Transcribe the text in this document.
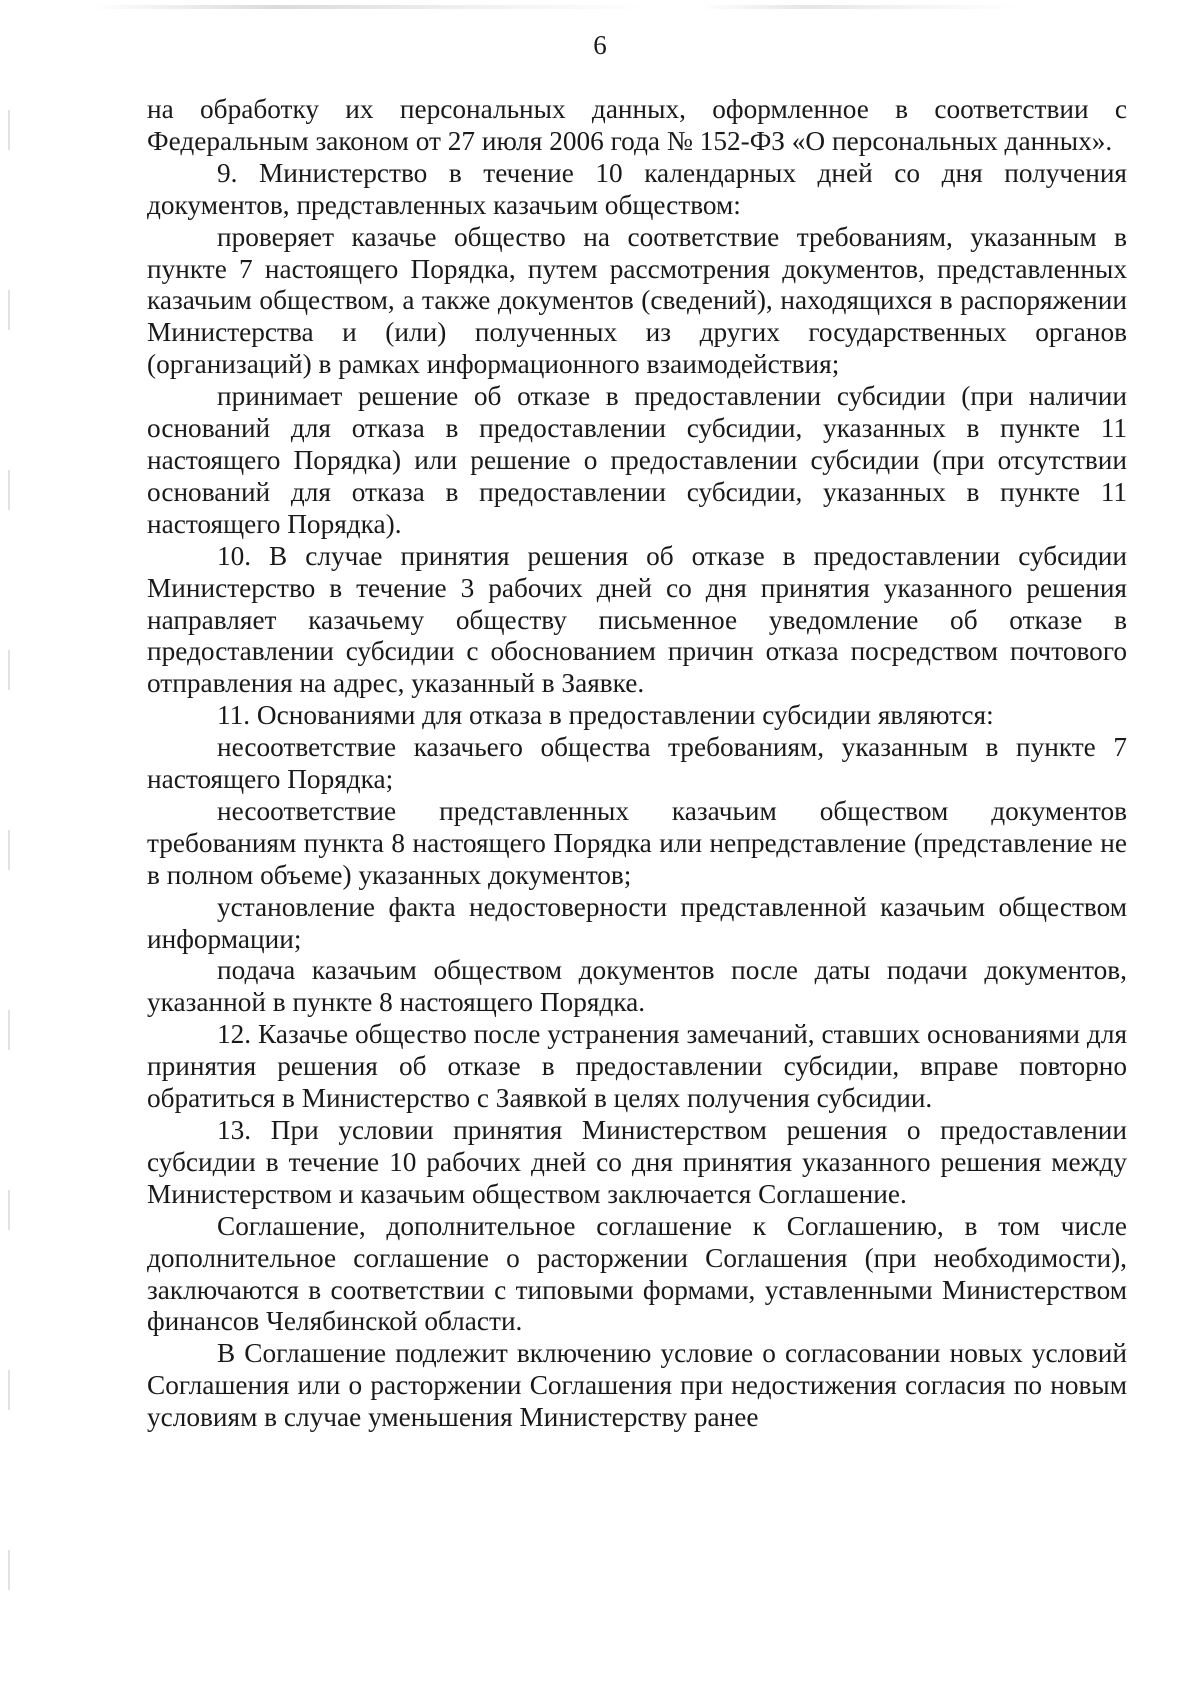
6

на обработку их персональных данных, оформленное в соответствии с Федеральным законом от 27 июля 2006 года № 152-ФЗ «О персональных данных».

9. Министерство в течение 10 календарных дней со дня получения документов, представленных казачьим обществом:

проверяет казачье общество на соответствие требованиям, указанным в пункте 7 настоящего Порядка, путем рассмотрения документов, представленных казачьим обществом, а также документов (сведений), находящихся в распоряжении Министерства и (или) полученных из других государственных органов (организаций) в рамках информационного взаимодействия;

принимает решение об отказе в предоставлении субсидии (при наличии оснований для отказа в предоставлении субсидии, указанных в пункте 11 настоящего Порядка) или решение о предоставлении субсидии (при отсутствии оснований для отказа в предоставлении субсидии, указанных в пункте 11 настоящего Порядка).

10. В случае принятия решения об отказе в предоставлении субсидии Министерство в течение 3 рабочих дней со дня принятия указанного решения направляет казачьему обществу письменное уведомление об отказе в предоставлении субсидии с обоснованием причин отказа посредством почтового отправления на адрес, указанный в Заявке.

11. Основаниями для отказа в предоставлении субсидии являются:

несоответствие казачьего общества требованиям, указанным в пункте 7 настоящего Порядка;

несоответствие представленных казачьим обществом документов требованиям пункта 8 настоящего Порядка или непредставление (представление не в полном объеме) указанных документов;

установление факта недостоверности представленной казачьим обществом информации;

подача казачьим обществом документов после даты подачи документов, указанной в пункте 8 настоящего Порядка.

12. Казачье общество после устранения замечаний, ставших основаниями для принятия решения об отказе в предоставлении субсидии, вправе повторно обратиться в Министерство с Заявкой в целях получения субсидии.

13. При условии принятия Министерством решения о предоставлении субсидии в течение 10 рабочих дней со дня принятия указанного решения между Министерством и казачьим обществом заключается Соглашение.

Соглашение, дополнительное соглашение к Соглашению, в том числе дополнительное соглашение о расторжении Соглашения (при необходимости), заключаются в соответствии с типовыми формами, уставленными Министерством финансов Челябинской области.

В Соглашение подлежит включению условие о согласовании новых условий Соглашения или о расторжении Соглашения при недостижения согласия по новым условиям в случае уменьшения Министерству ранее
